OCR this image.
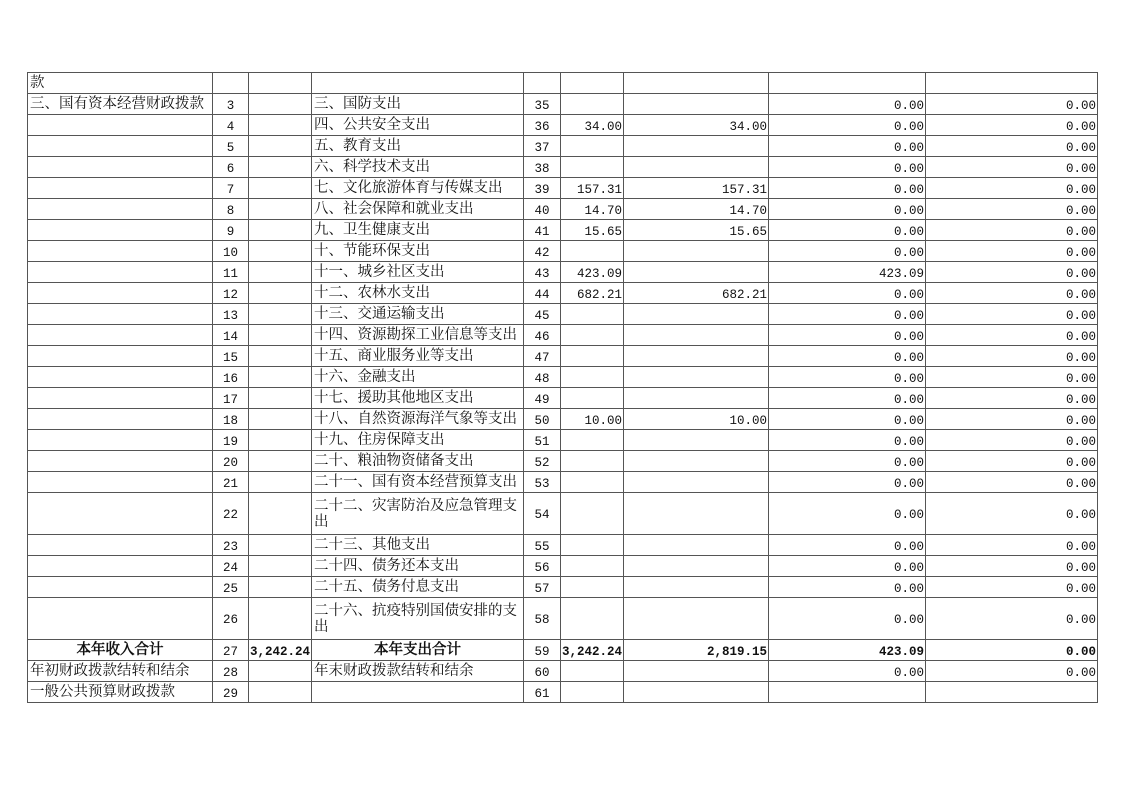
款								
三、国有资本经营财政拨款	3		三、国防支出	35			0.00	0.00
	4		四、公共安全支出	36	34.00	34.00	0.00	0.00
	5		五、教育支出	37			0.00	0.00
	6		六、科学技术支出	38			0.00	0.00
	7		七、文化旅游体育与传媒支出	39	157.31	157.31	0.00	0.00
	8		八、社会保障和就业支出	40	14.70	14.70	0.00	0.00
	9		九、卫生健康支出	41	15.65	15.65	0.00	0.00
	10		十、节能环保支出	42			0.00	0.00
	11		十一、城乡社区支出	43	423.09		423.09	0.00
	12		十二、农林水支出	44	682.21	682.21	0.00	0.00
	13		十三、交通运输支出	45			0.00	0.00
	14		十四、资源勘探工业信息等支出	46			0.00	0.00
	15		十五、商业服务业等支出	47			0.00	0.00
	16		十六、金融支出	48			0.00	0.00
	17		十七、援助其他地区支出	49			0.00	0.00
	18		十八、自然资源海洋气象等支出	50	10.00	10.00	0.00	0.00
	19		十九、住房保障支出	51			0.00	0.00
	20		二十、粮油物资储备支出	52			0.00	0.00
	21		二十一、国有资本经营预算支出	53			0.00	0.00
	22		二十二、灾害防治及应急管理支出	54			0.00	0.00
	23		二十三、其他支出	55			0.00	0.00
	24		二十四、债务还本支出	56			0.00	0.00
	25		二十五、债务付息支出	57			0.00	0.00
	26		二十六、抗疫特别国债安排的支出	58			0.00	0.00
本年收入合计	27	3,242.24	本年支出合计	59	3,242.24	2,819.15	423.09	0.00
年初财政拨款结转和结余	28		年末财政拨款结转和结余	60			0.00	0.00
一般公共预算财政拨款	29			61				
